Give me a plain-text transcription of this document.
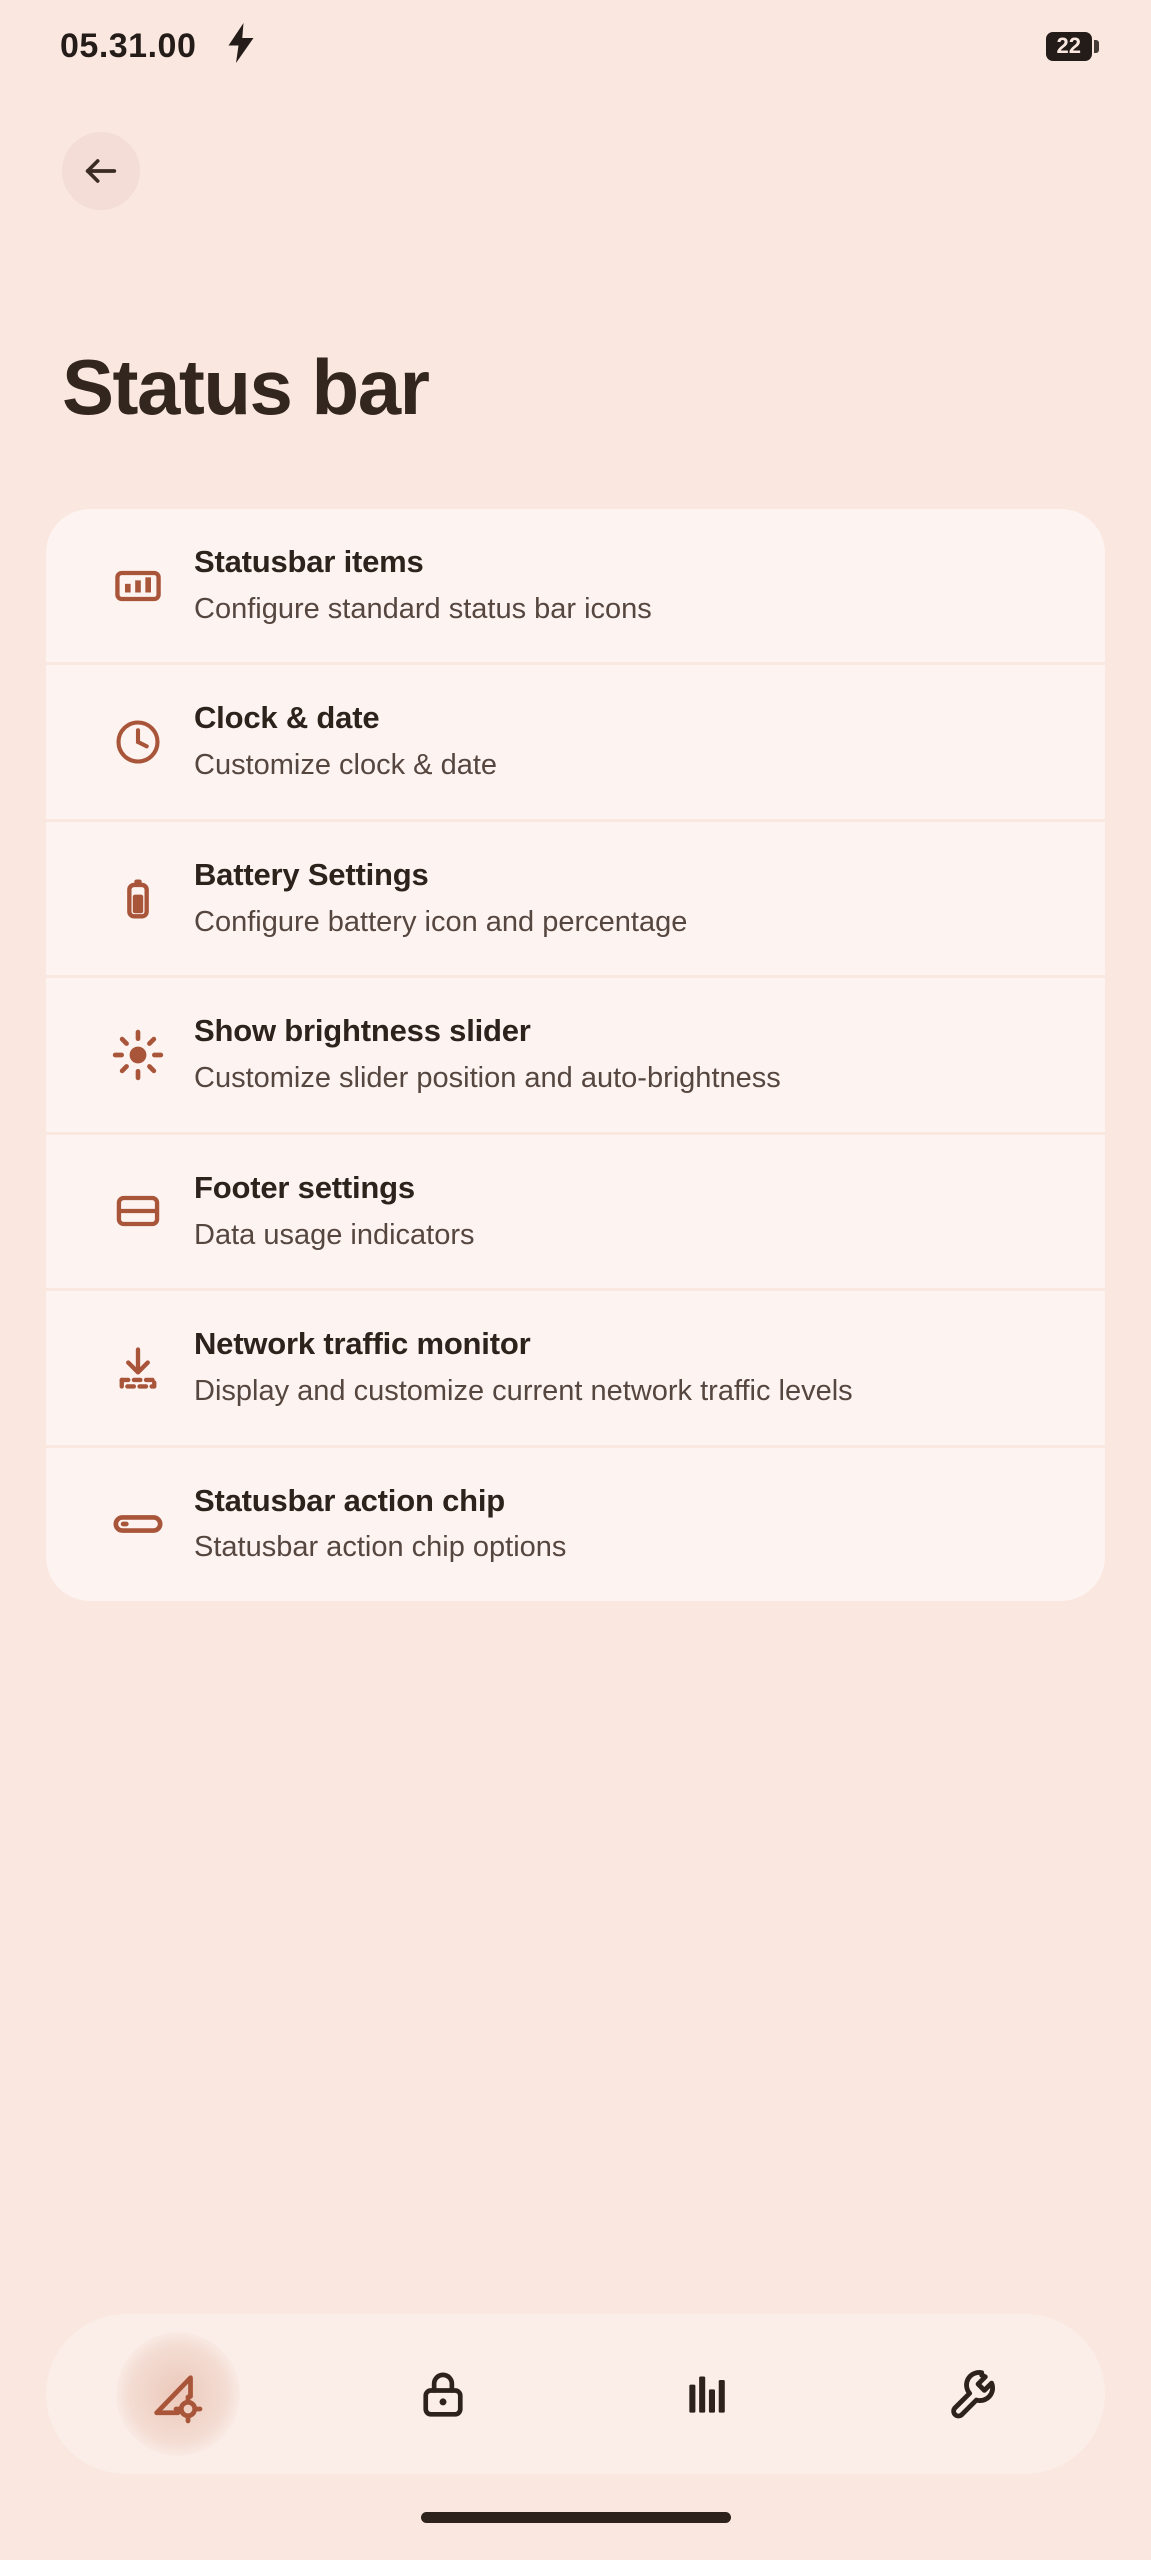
05.31.00	22
Status bar
Statusbar items
Configure standard status bar icons
Clock & date
Customize clock & date
Battery Settings
Configure battery icon and percentage
Show brightness slider
Customize slider position and auto-brightness
Footer settings
Data usage indicators
Network traffic monitor
Display and customize current network traffic levels
Statusbar action chip
Statusbar action chip options
